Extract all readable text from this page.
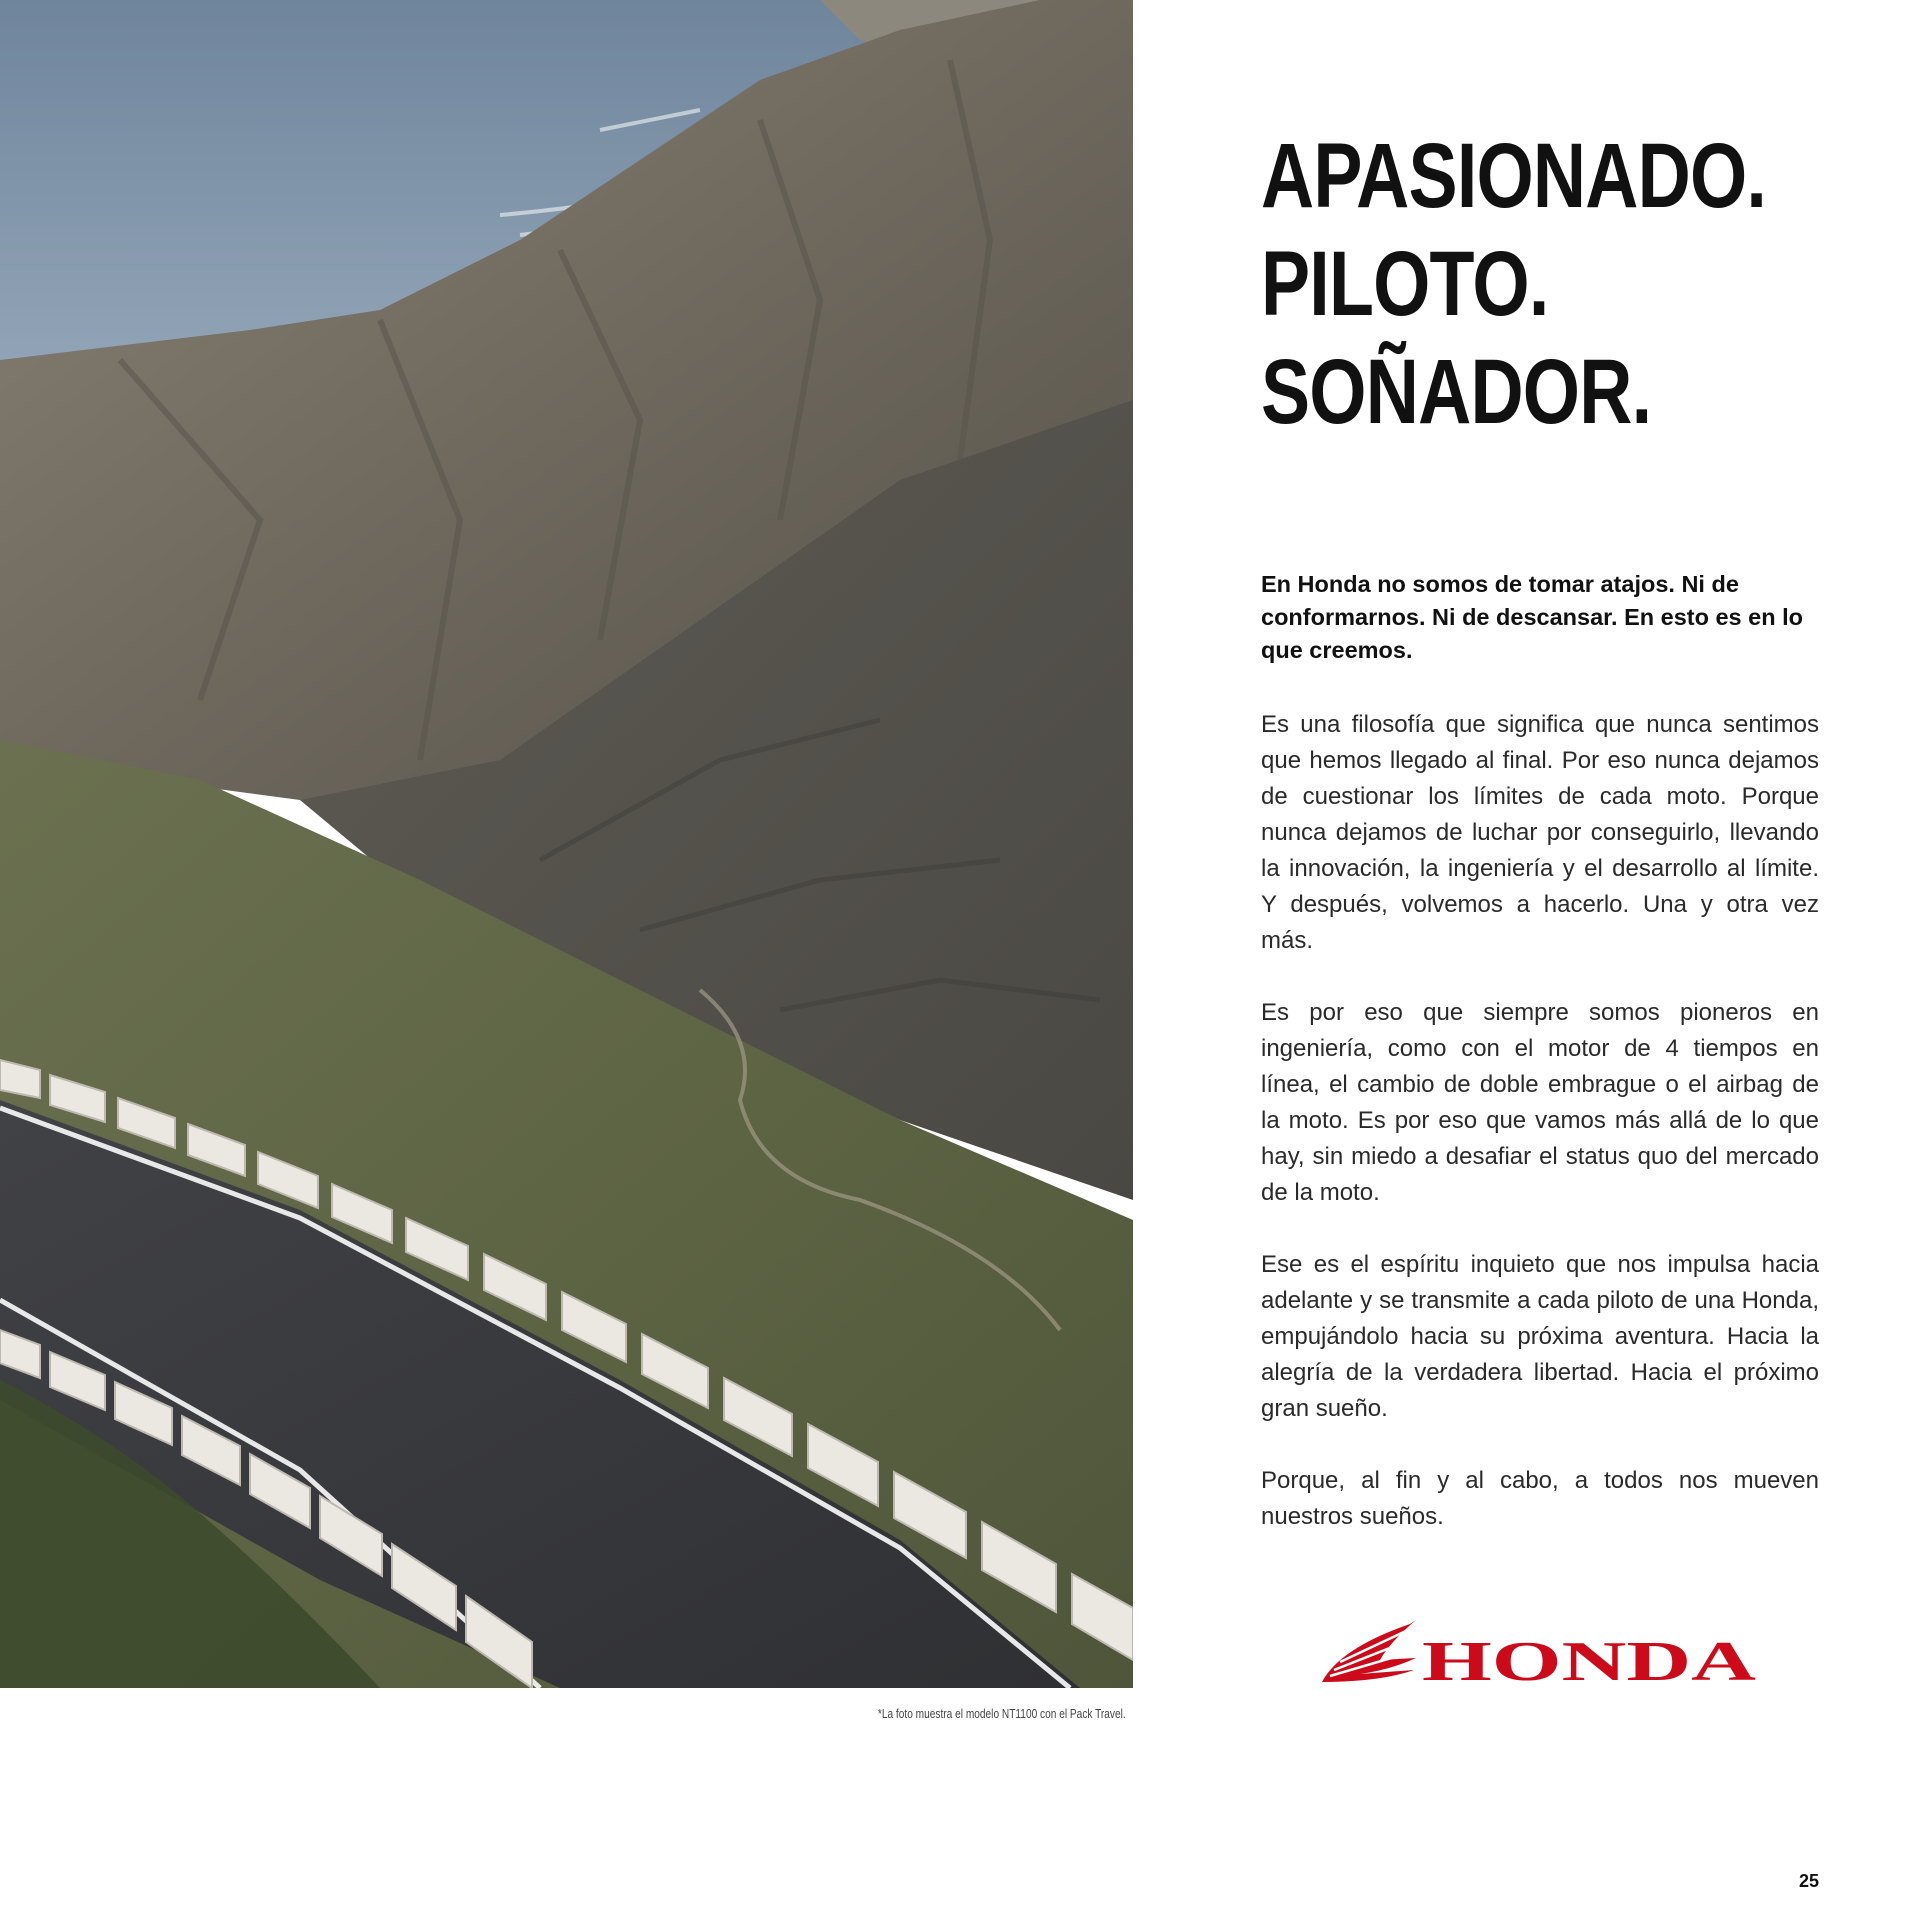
*La foto muestra el modelo NT1100 con el Pack Travel.
APASIONADO.
PILOTO.
SOÑADOR.

En Honda no somos de tomar atajos. Ni de conformarnos. Ni de descansar. En esto es en lo que creemos.

Es una filosofía que significa que nunca sentimos que hemos llegado al final. Por eso nunca dejamos de cuestionar los límites de cada moto. Porque nunca dejamos de luchar por conseguirlo, llevando la innovación, la ingeniería y el desarrollo al límite. Y después, volvemos a hacerlo. Una y otra vez más.

Es por eso que siempre somos pioneros en ingeniería, como con el motor de 4 tiempos en línea, el cambio de doble embrague o el airbag de la moto. Es por eso que vamos más allá de lo que hay, sin miedo a desafiar el status quo del mercado de la moto.

Ese es el espíritu inquieto que nos impulsa hacia adelante y se transmite a cada piloto de una Honda, empujándolo hacia su próxima aventura. Hacia la alegría de la verdadera libertad. Hacia el próximo gran sueño.

Porque, al fin y al cabo, a todos nos mueven nuestros sueños.

HONDA
25
